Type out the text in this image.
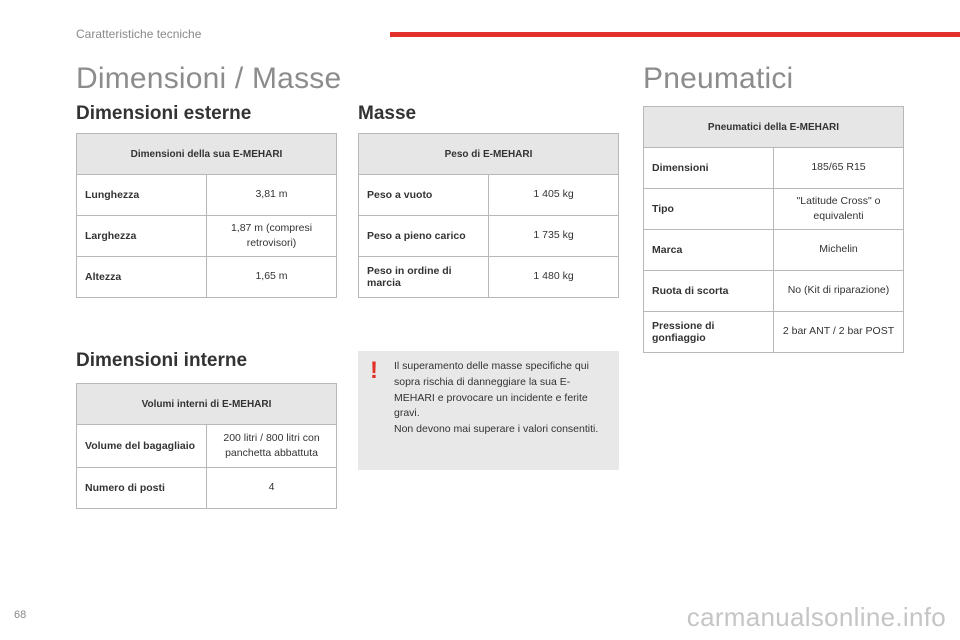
Caratteristiche tecniche
Dimensioni / Masse	Pneumatici
Dimensioni esterne
Dimensioni della sua E-MEHARI	
Lunghezza	3,81 m
Larghezza	1,87 m (compresi retrovisori)
Altezza	1,65 m
Dimensioni interne
Volumi interni di E-MEHARI	
Volume del bagagliaio	200 litri / 800 litri con panchetta abbattuta
Numero di posti	4
Masse
Peso di E-MEHARI	
Peso a vuoto	1 405 kg
Peso a pieno carico	1 735 kg
Peso in ordine di marcia	1 480 kg
! Il superamento delle masse specifiche qui sopra rischia di danneggiare la sua E-MEHARI e provocare un incidente e ferite gravi.

Non devono mai superare i valori consentiti.

Pneumatici della E-MEHARI	
Dimensioni	185/65 R15
Tipo	"Latitude Cross" o equivalenti
Marca	Michelin
Ruota di scorta	No (Kit di riparazione)
Pressione di gonfiaggio	2 bar ANT / 2 bar POST
68	carmanualsonline.info
